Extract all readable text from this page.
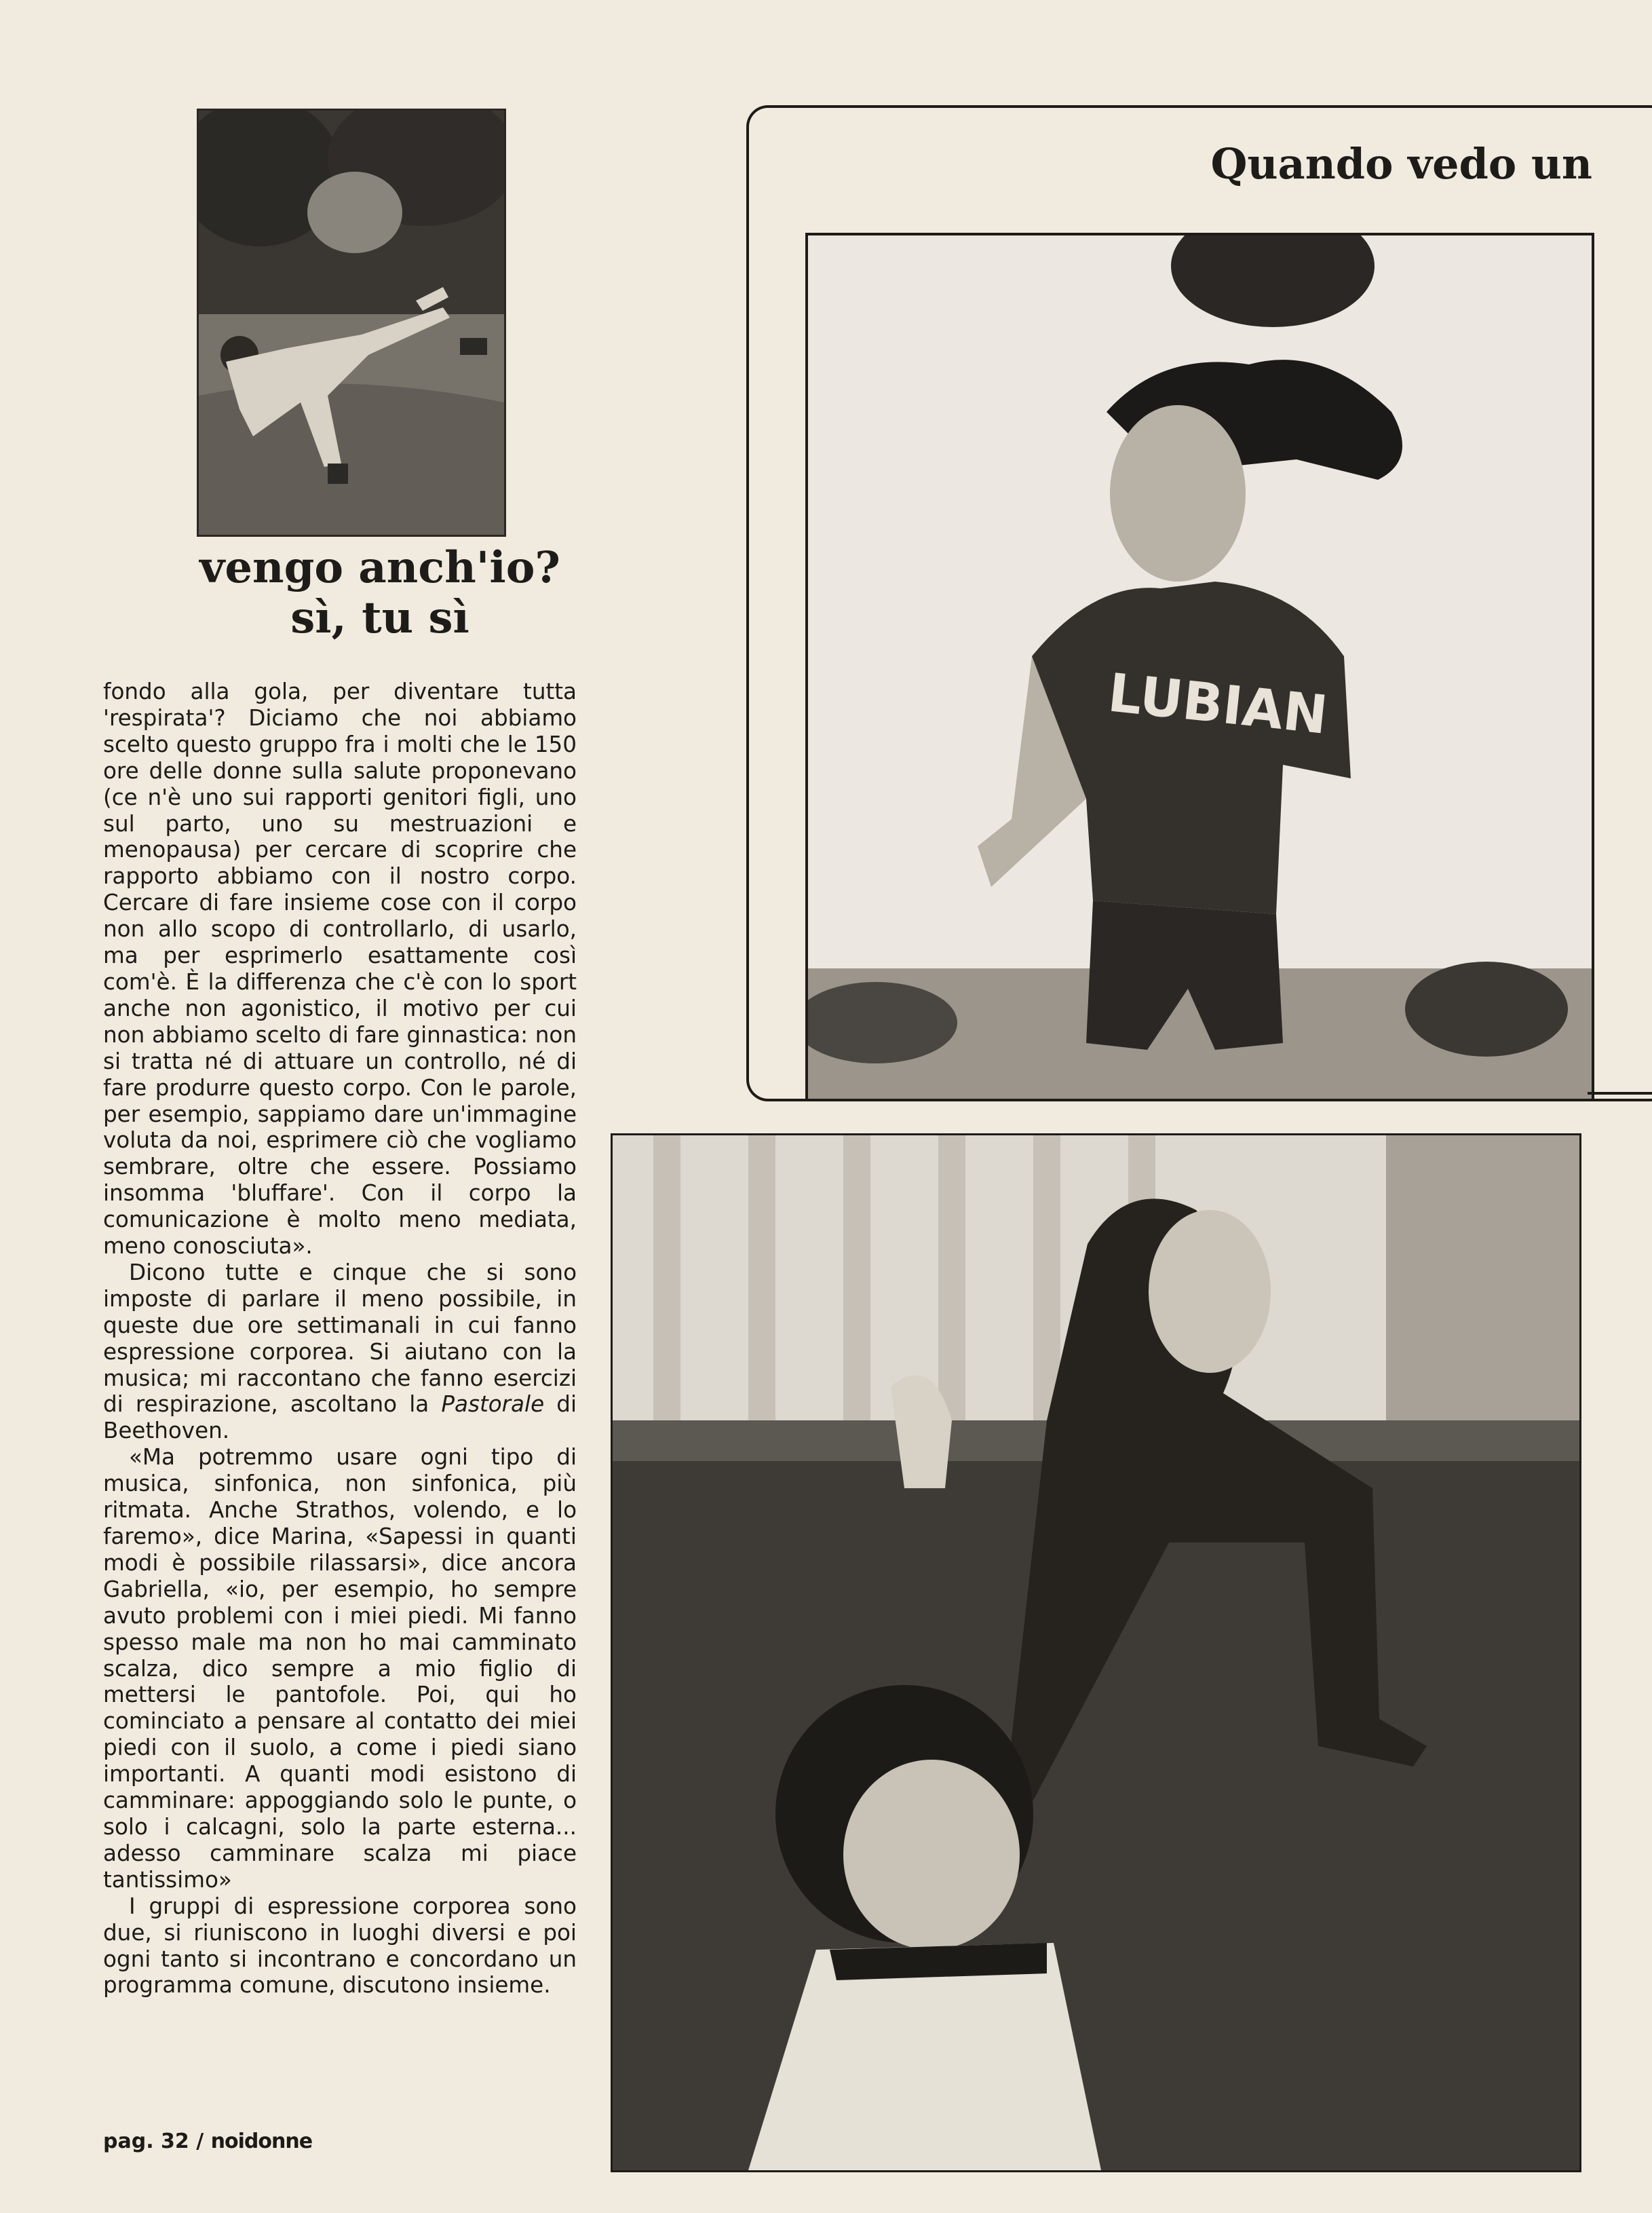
vengo anch'io?
sì, tu sì
Quando vedo un
LUBIAN

fondo alla gola, per diventare tutta 'respirata'? Diciamo che noi abbiamo scelto questo gruppo fra i molti che le 150 ore delle donne sulla salute proponevano (ce n'è uno sui rapporti genitori figli, uno sul parto, uno su mestruazioni e menopausa) per cercare di scoprire che rapporto abbiamo con il nostro corpo. Cercare di fare insieme cose con il corpo non allo scopo di controllarlo, di usarlo, ma per esprimerlo esattamente così com'è. È la differenza che c'è con lo sport anche non agonistico, il motivo per cui non abbiamo scelto di fare ginnastica: non si tratta né di attuare un controllo, né di fare produrre questo corpo. Con le parole, per esempio, sappiamo dare un'immagine voluta da noi, esprimere ciò che vogliamo sembrare, oltre che essere. Possiamo insomma 'bluffare'. Con il corpo la comunicazione è molto meno mediata, meno conosciuta».

Dicono tutte e cinque che si sono imposte di parlare il meno possibile, in queste due ore settimanali in cui fanno espressione corporea. Si aiutano con la musica; mi raccontano che fanno esercizi di respirazione, ascoltano la Pastorale di Beethoven.

«Ma potremmo usare ogni tipo di musica, sinfonica, non sinfonica, più ritmata. Anche Strathos, volendo, e lo faremo», dice Marina, «Sapessi in quanti modi è possibile rilassarsi», dice ancora Gabriella, «io, per esempio, ho sempre avuto problemi con i miei piedi. Mi fanno spesso male ma non ho mai camminato scalza, dico sempre a mio figlio di mettersi le pantofole. Poi, qui ho cominciato a pensare al contatto dei miei piedi con il suolo, a come i piedi siano importanti. A quanti modi esistono di camminare: appoggiando solo le punte, o solo i calcagni, solo la parte esterna... adesso camminare scalza mi piace tantissimo»

I gruppi di espressione corporea sono due, si riuniscono in luoghi diversi e poi ogni tanto si incontrano e concordano un programma comune, discutono insieme.

pag. 32 / noidonne
